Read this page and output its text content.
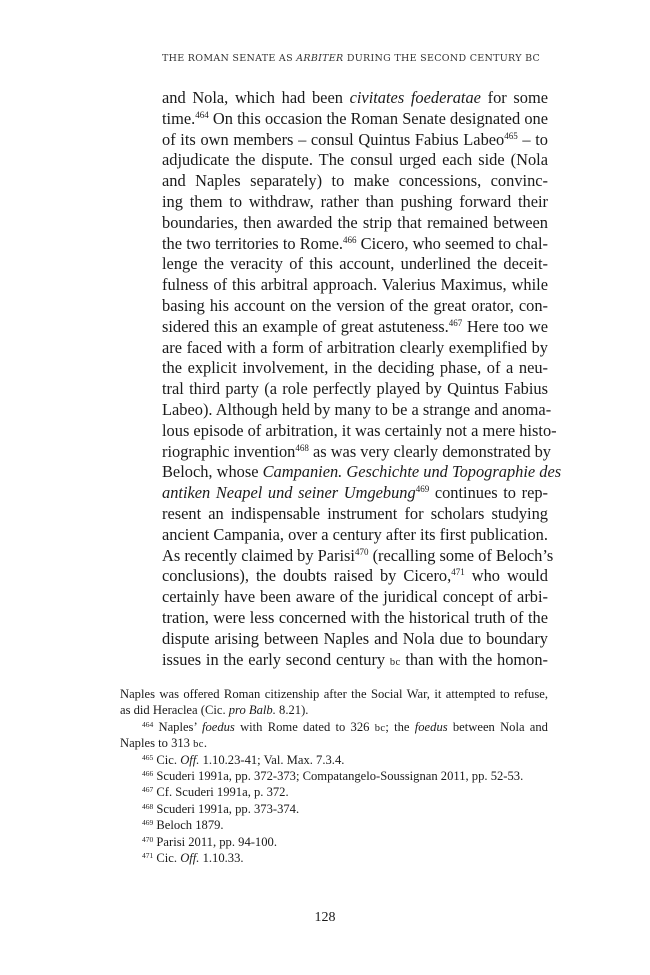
THE ROMAN SENATE AS ARBITER DURING THE SECOND CENTURY BC
and Nola, which had been civitates foederatae for some
time.$^{464}$ On this occasion the Roman Senate designated one
of its own members – consul Quintus Fabius Labeo$^{465}$ – to
adjudicate the dispute. The consul urged each side (Nola
and Naples separately) to make concessions, convinc-
ing them to withdraw, rather than pushing forward their
boundaries, then awarded the strip that remained between
the two territories to Rome.$^{466}$ Cicero, who seemed to chal-
lenge the veracity of this account, underlined the deceit-
fulness of this arbitral approach. Valerius Maximus, while
basing his account on the version of the great orator, con-
sidered this an example of great astuteness.$^{467}$ Here too we
are faced with a form of arbitration clearly exemplified by
the explicit involvement, in the deciding phase, of a neu-
tral third party (a role perfectly played by Quintus Fabius
Labeo). Although held by many to be a strange and anoma-
lous episode of arbitration, it was certainly not a mere histo-
riographic invention$^{468}$ as was very clearly demonstrated by
Beloch, whose Campanien. Geschichte und Topographie des
antiken Neapel und seiner Umgebung$^{469}$ continues to rep-
resent an indispensable instrument for scholars studying
ancient Campania, over a century after its first publication.
As recently claimed by Parisi$^{470}$ (recalling some of Beloch’s
conclusions), the doubts raised by Cicero,$^{471}$ who would
certainly have been aware of the juridical concept of arbi-
tration, were less concerned with the historical truth of the
dispute arising between Naples and Nola due to boundary
issues in the early second century bc than with the homon-
Naples was offered Roman citizenship after the Social War, it attempted to refuse,
as did Heraclea (Cic. pro Balb. 8.21).
$^{464}$ Naples’ foedus with Rome dated to 326 bc; the foedus between Nola and
Naples to 313 bc.
$^{465}$ Cic. Off. 1.10.23-41; Val. Max. 7.3.4.
$^{466}$ Scuderi 1991a, pp. 372-373; Compatangelo-Soussignan 2011, pp. 52-53.
$^{467}$ Cf. Scuderi 1991a, p. 372.
$^{468}$ Scuderi 1991a, pp. 373-374.
$^{469}$ Beloch 1879.
$^{470}$ Parisi 2011, pp. 94-100.
$^{471}$ Cic. Off. 1.10.33.
128
